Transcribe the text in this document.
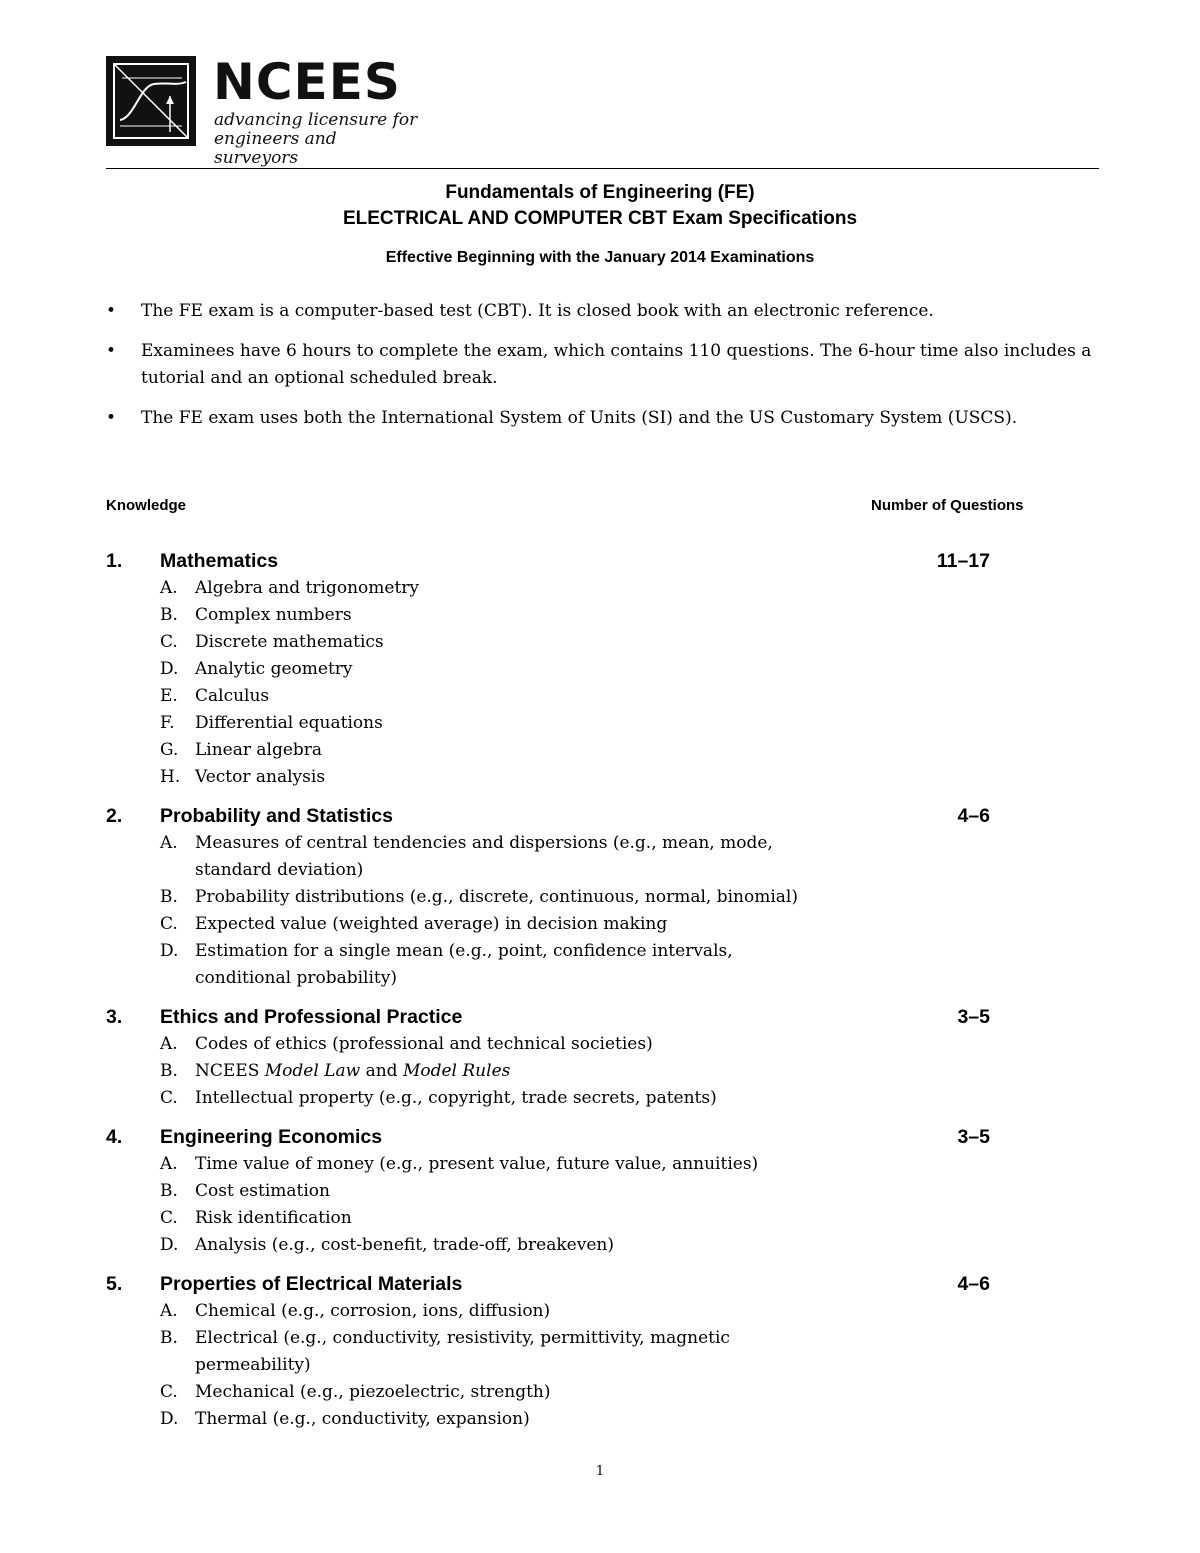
NCEES
advancing licensure for
engineers and surveyors
Fundamentals of Engineering (FE)
ELECTRICAL AND COMPUTER CBT Exam Specifications
Effective Beginning with the January 2014 Examinations
• The FE exam is a computer-based test (CBT). It is closed book with an electronic reference.
• Examinees have 6 hours to complete the exam, which contains 110 questions. The 6-hour time also includes a tutorial and an optional scheduled break.
• The FE exam uses both the International System of Units (SI) and the US Customary System (USCS).
Knowledge	Number of Questions
1. Mathematics	11–17
A. Algebra and trigonometry
B. Complex numbers
C. Discrete mathematics
D. Analytic geometry
E. Calculus
F. Differential equations
G. Linear algebra
H. Vector analysis
2. Probability and Statistics	4–6
A. Measures of central tendencies and dispersions (e.g., mean, mode, standard deviation)
B. Probability distributions (e.g., discrete, continuous, normal, binomial)
C. Expected value (weighted average) in decision making
D. Estimation for a single mean (e.g., point, confidence intervals, conditional probability)
3. Ethics and Professional Practice	3–5
A. Codes of ethics (professional and technical societies)
B. NCEES Model Law and Model Rules
C. Intellectual property (e.g., copyright, trade secrets, patents)
4. Engineering Economics	3–5
A. Time value of money (e.g., present value, future value, annuities)
B. Cost estimation
C. Risk identification
D. Analysis (e.g., cost-benefit, trade-off, breakeven)
5. Properties of Electrical Materials	4–6
A. Chemical (e.g., corrosion, ions, diffusion)
B. Electrical (e.g., conductivity, resistivity, permittivity, magnetic permeability)
C. Mechanical (e.g., piezoelectric, strength)
D. Thermal (e.g., conductivity, expansion)
1
